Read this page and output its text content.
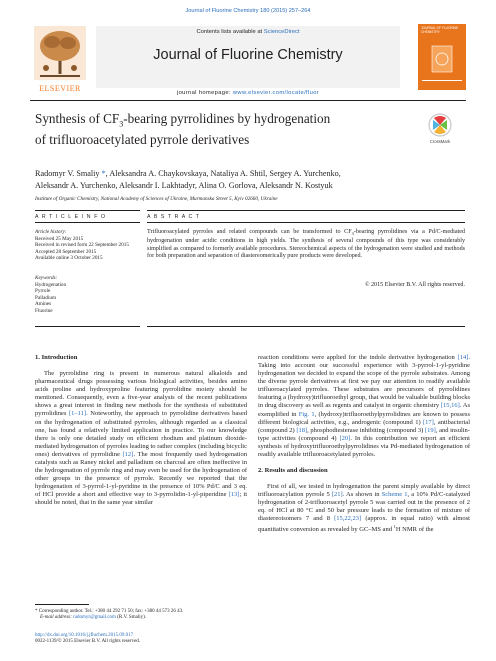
Journal of Fluorine Chemistry 180 (2015) 257–264
ELSEVIER
Contents lists available at ScienceDirect
Journal of Fluorine Chemistry
journal homepage: www.elsevier.com/locate/fluor
JOURNAL OF FLUORINE CHEMISTRY
Synthesis of $CF_3$-bearing pyrrolidines by hydrogenation
of trifluoroacetylated pyrrole derivatives	CrossMark
Radomyr V. Smaliy *, Aleksandra A. Chaykovskaya, Nataliya A. Shtil, Sergey A. Yurchenko,
Aleksandr A. Yurchenko, Aleksandr I. Lakhtadyr, Alina O. Gorlova, Aleksandr N. Kostyuk
Institute of Organic Chemistry, National Academy of Sciences of Ukraine, Murmanska Street 5, Kyiv 02660, Ukraine
A R T I C L E I N F O	A B S T R A C T
Article history:
Received 25 May 2015
Received in revised form 22 September 2015
Accepted 28 September 2015
Available online 3 October 2015
Keywords:
Hydrogenation
Pyrrole
Palladium
Amines
Fluorine
Trifluoroacylated pyrroles and related compounds can be transformed to $CF_3$-bearing pyrrolidines via a Pd/C-mediated hydrogenation under acidic conditions in high yields. The synthesis of several compounds of this type was considerably simplified as compared to formerly available procedures. Stereochemical aspects of the hydrogenation were studied and methods for both preparation and separation of diastereomerically pure products were developed.
© 2015 Elsevier B.V. All rights reserved.
1. Introduction

The pyrrolidine ring is present in numerous natural alkaloids and pharmaceutical drugs possessing various biological activities, besides amino acids proline and hydroxyproline featuring pyrrolidine moiety should be mentioned. Consequently, even a five-year analysis of the recent publications shows a great interest in finding new methods for the synthesis of substituted pyrrolidines [1–11]. Noteworthy, the approach to pyrrolidine derivatives based on the hydrogenation of substituted pyrroles, although regarded as a classical one, has found a relatively limited application in practice. To our knowledge there is only one detailed study on efficient rhodium and platinum dioxide-mediated hydrogenation of pyrroles leading to rather complex (including bicyclic ones) derivatives of pyrrolidine [12]. The most frequently used hydrogenation catalysts such as Raney nickel and palladium on charcoal are often ineffective in the hydrogenation of pyrrole ring and may even be used for the hydrogenation of other groups in the presence of pyrrole. Recently we reported that the hydrogenation of 3-pyrrol-1-yl-pyridine in the presence of 10% Pd/C and 3 eq. of HCl provide a short and effective way to 3-pyrrolidin-1-yl-piperidine [13]; it should be noted, that in the same year similar

reaction conditions were applied for the indole derivative hydrogenation [14]. Taking into account our successful experience with 3-pyrrol-1-yl-pyridine hydrogenation we decided to expand the scope of the pyrrole substrates. Among the diverse pyrrole derivatives at first we pay our attention to readily available trifluoroacylated pyrroles. These substrates are precursors of pyrrolidines featuring a (hydroxy)trifluoroethyl group, that would be valuable building blocks in drug discovery as well as regents and catalyst in organic chemistry [15,16]. As exemplified in Fig. 1, (hydroxy)trifluoroethylpyrrolidines are known to possess different biological activities, e.g., androgenic (compound 1) [17], antibacterial (compound 2) [18], phosphodiesterase inhibiting (compound 3) [19], and insulin-type activities (compound 4) [20]. In this contribution we report an efficient synthesis of hydroxytrifluoroethylpyrrolidines via Pd-mediated hydrogenation of readily available trifluoroacetylated pyrroles.

2. Results and discussion

First of all, we tested in hydrogenation the parent simply available by direct trifluoroacylation pyrrole 5 [21]. As shown in Scheme 1, a 10% Pd/C-catalyzed hydrogenation of 2-trifluoroacetyl pyrrole 5 was carried out in the presence of 2 eq. of HCl at 80 °C and 50 bar pressure leads to the formation of mixture of diastereoisomers 7 and 8 [15,22,23] (approx. in equal ratio) with almost quantitative conversion as revealed by GC–MS and $^1$H NMR of the

* Corresponding author. Tel.: +380 44 292 71 50; fax: +380 44 573 26 43.
E-mail address: radomyr@gmail.com (R.V. Smaliy).
http://dx.doi.org/10.1016/j.jfluchem.2015.09.017
0022-1139/© 2015 Elsevier B.V. All rights reserved.
